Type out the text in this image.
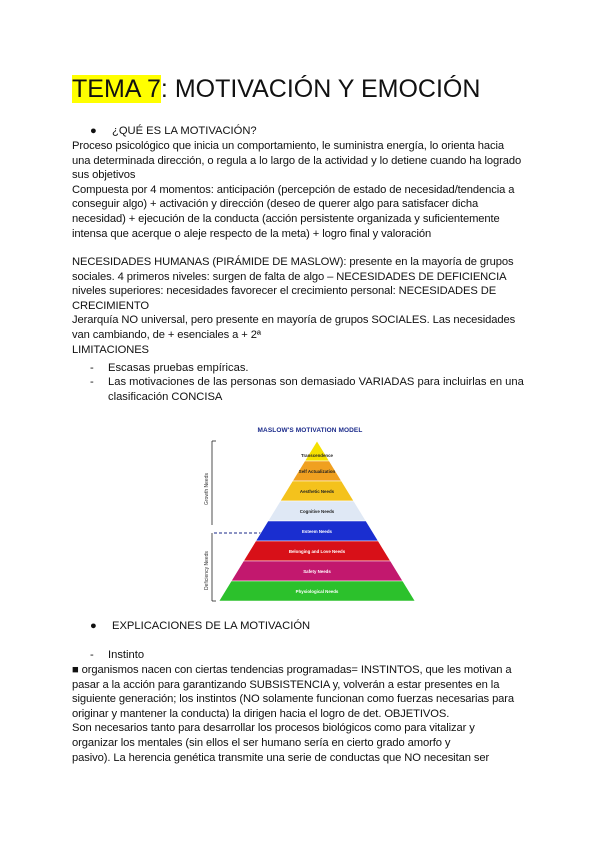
TEMA 7: MOTIVACIÓN Y EMOCIÓN
● ¿QUÉ ES LA MOTIVACIÓN?

Proceso psicológico que inicia un comportamiento, le suministra energía, lo orienta hacia

una determinada dirección, o regula a lo largo de la actividad y lo detiene cuando ha logrado

sus objetivos

Compuesta por 4 momentos: anticipación (percepción de estado de necesidad/tendencia a

conseguir algo) + activación y dirección (deseo de querer algo para satisfacer dicha

necesidad) + ejecución de la conducta (acción persistente organizada y suficientemente

intensa que acerque o aleje respecto de la meta) + logro final y valoración

NECESIDADES HUMANAS (PIRÁMIDE DE MASLOW): presente en la mayoría de grupos

sociales. 4 primeros niveles: surgen de falta de algo – NECESIDADES DE DEFICIENCIA

niveles superiores: necesidades favorecer el crecimiento personal: NECESIDADES DE

CRECIMIENTO

Jerarquía NO universal, pero presente en mayoría de grupos SOCIALES. Las necesidades

van cambiando, de + esenciales a + 2ª

LIMITACIONES

- Escasas pruebas empíricas.
- Las motivaciones de las personas son demasiado VARIADAS para incluirlas en una clasificación CONCISA
MASLOW'S MOTIVATION MODEL
Growth Needs
Deficiency Needs
Transcendence
Self Actualization
Aesthetic Needs
Cognitive Needs
Esteem Needs
Belonging and Love Needs
Safety Needs
Physiological Needs
● EXPLICACIONES DE LA MOTIVACIÓN
- Instinto

■ organismos nacen con ciertas tendencias programadas= INSTINTOS, que les motivan a

pasar a la acción para garantizando SUBSISTENCIA y, volverán a estar presentes en la

siguiente generación; los instintos (NO solamente funcionan como fuerzas necesarias para

originar y mantener la conducta) la dirigen hacia el logro de det. OBJETIVOS.

Son necesarios tanto para desarrollar los procesos biológicos como para vitalizar y

organizar los mentales (sin ellos el ser humano sería en cierto grado amorfo y

pasivo). La herencia genética transmite una serie de conductas que NO necesitan ser
